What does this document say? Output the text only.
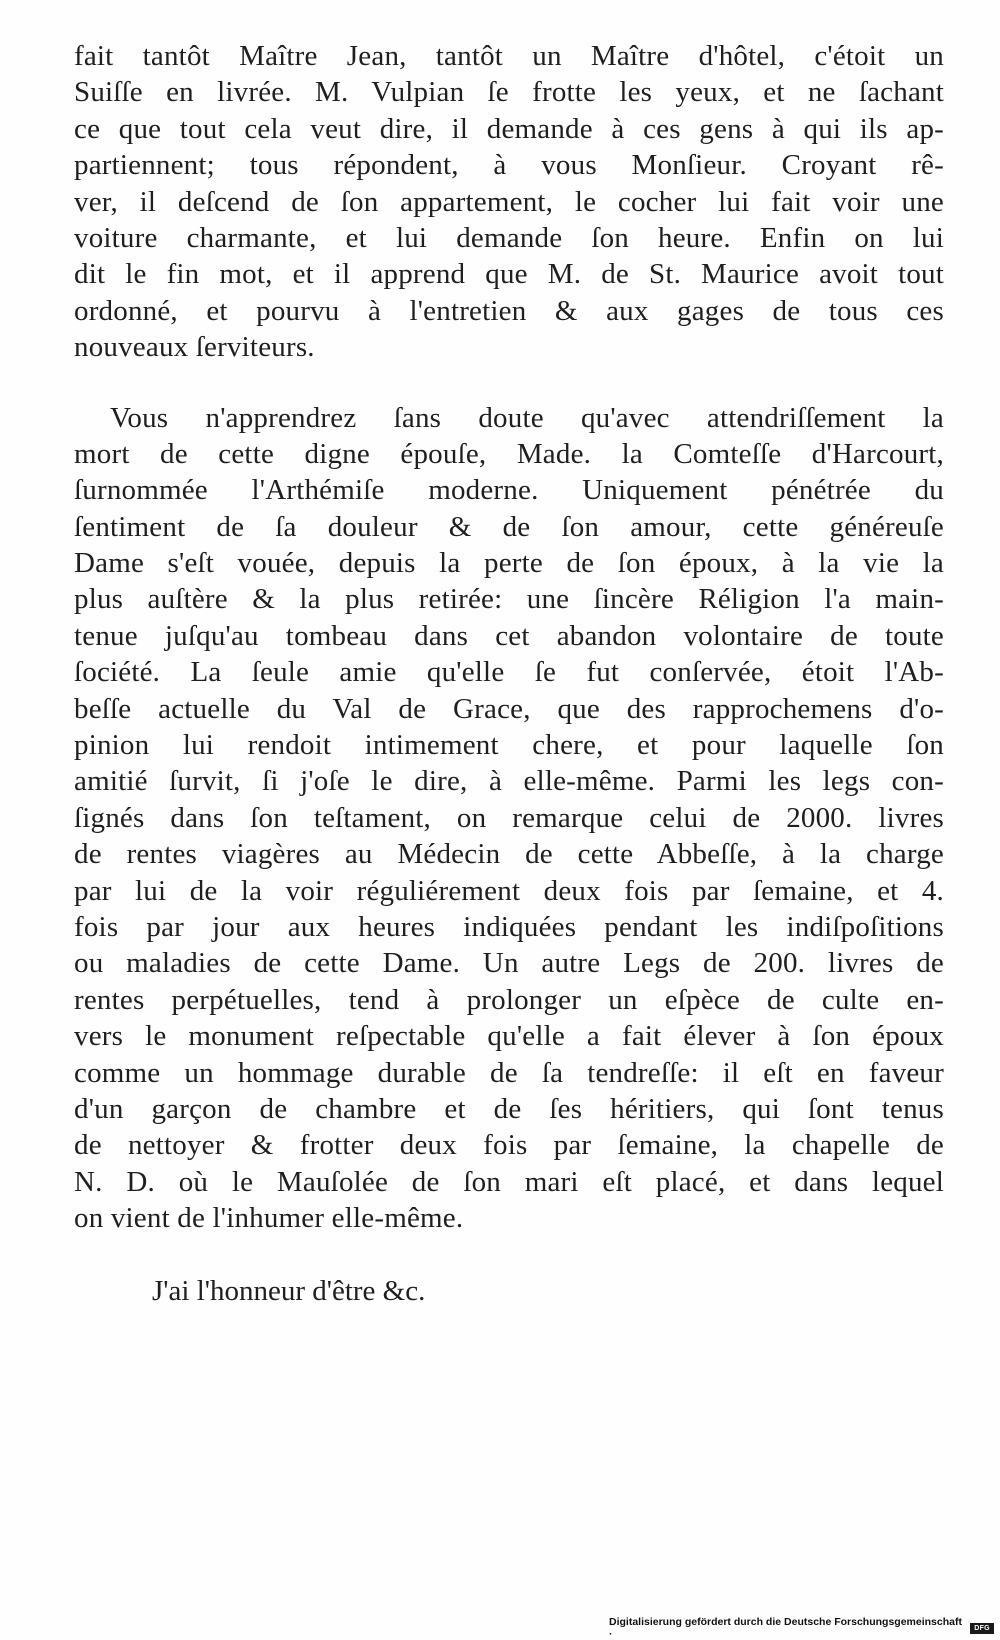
fait tantôt Maître Jean, tantôt un Maître d'hôtel, c'étoit un
Suiſſe en livrée. M. Vulpian ſe frotte les yeux, et ne ſachant
ce que tout cela veut dire, il demande à ces gens à qui ils ap-
partiennent; tous répondent, à vous Monſieur. Croyant rê-
ver, il deſcend de ſon appartement, le cocher lui fait voir une
voiture charmante, et lui demande ſon heure. Enfin on lui
dit le fin mot, et il apprend que M. de St. Maurice avoit tout
ordonné, et pourvu à l'entretien & aux gages de tous ces
nouveaux ſerviteurs.
Vous n'apprendrez ſans doute qu'avec attendriſſement la
mort de cette digne épouſe, Made. la Comteſſe d'Harcourt,
ſurnommée l'Arthémiſe moderne. Uniquement pénétrée du
ſentiment de ſa douleur & de ſon amour, cette généreuſe
Dame s'eſt vouée, depuis la perte de ſon époux, à la vie la
plus auſtère & la plus retirée: une ſincère Réligion l'a main-
tenue juſqu'au tombeau dans cet abandon volontaire de toute
ſociété. La ſeule amie qu'elle ſe fut conſervée, étoit l'Ab-
beſſe actuelle du Val de Grace, que des rapprochemens d'o-
pinion lui rendoit intimement chere, et pour laquelle ſon
amitié ſurvit, ſi j'oſe le dire, à elle-même. Parmi les legs con-
ſignés dans ſon teſtament, on remarque celui de 2000. livres
de rentes viagères au Médecin de cette Abbeſſe, à la charge
par lui de la voir réguliérement deux fois par ſemaine, et 4.
fois par jour aux heures indiquées pendant les indiſpoſitions
ou maladies de cette Dame. Un autre Legs de 200. livres de
rentes perpétuelles, tend à prolonger un eſpèce de culte en-
vers le monument reſpectable qu'elle a fait élever à ſon époux
comme un hommage durable de ſa tendreſſe: il eſt en faveur
d'un garçon de chambre et de ſes héritiers, qui ſont tenus
de nettoyer & frotter deux fois par ſemaine, la chapelle de
N. D. où le Mauſolée de ſon mari eſt placé, et dans lequel
on vient de l'inhumer elle-même.
J'ai l'honneur d'être &c.
Digitalisierung gefördert durch die Deutsche Forschungsgemeinschaft ·	DFG
